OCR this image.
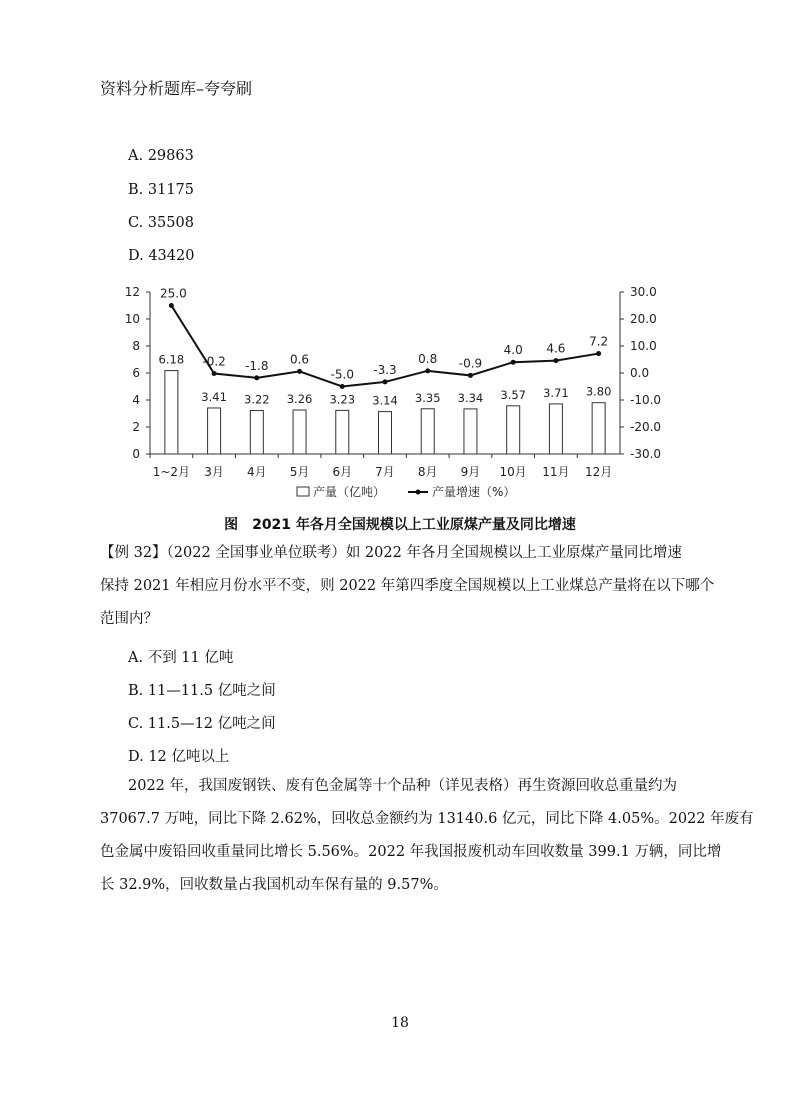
资料分析题库–夸夸刷
A. 29863
B. 31175
C. 35508
D. 43420
0
2
4
6
8
10
12
-30.0
-20.0
-10.0
0.0
10.0
20.0
30.0
6.18
3.41 3.22 3.26 3.23 3.14 3.35 3.34 3.57 3.71 3.80
1~2月 3月 4月 5月 6月 7月 8月 9月 10月 11月 12月
25.0
-0.2 -1.8 0.6
-5.0 -3.3
0.8 -0.9
4.0 4.6
7.2
产量（亿吨）	产量增速（%）
图　2021 年各月全国规模以上工业原煤产量及同比增速
【例 32】（2022 全国事业单位联考）如 2022 年各月全国规模以上工业原煤产量同比增速
保持 2021 年相应月份水平不变，则 2022 年第四季度全国规模以上工业煤总产量将在以下哪个
范围内？
A. 不到 11 亿吨
B. 11—11.5 亿吨之间
C. 11.5—12 亿吨之间
D. 12 亿吨以上
2022 年，我国废钢铁、废有色金属等十个品种（详见表格）再生资源回收总重量约为
37067.7 万吨，同比下降 2.62%，回收总金额约为 13140.6 亿元，同比下降 4.05%。2022 年废有
色金属中废铅回收重量同比增长 5.56%。2022 年我国报废机动车回收数量 399.1 万辆，同比增
长 32.9%，回收数量占我国机动车保有量的 9.57%。
18
